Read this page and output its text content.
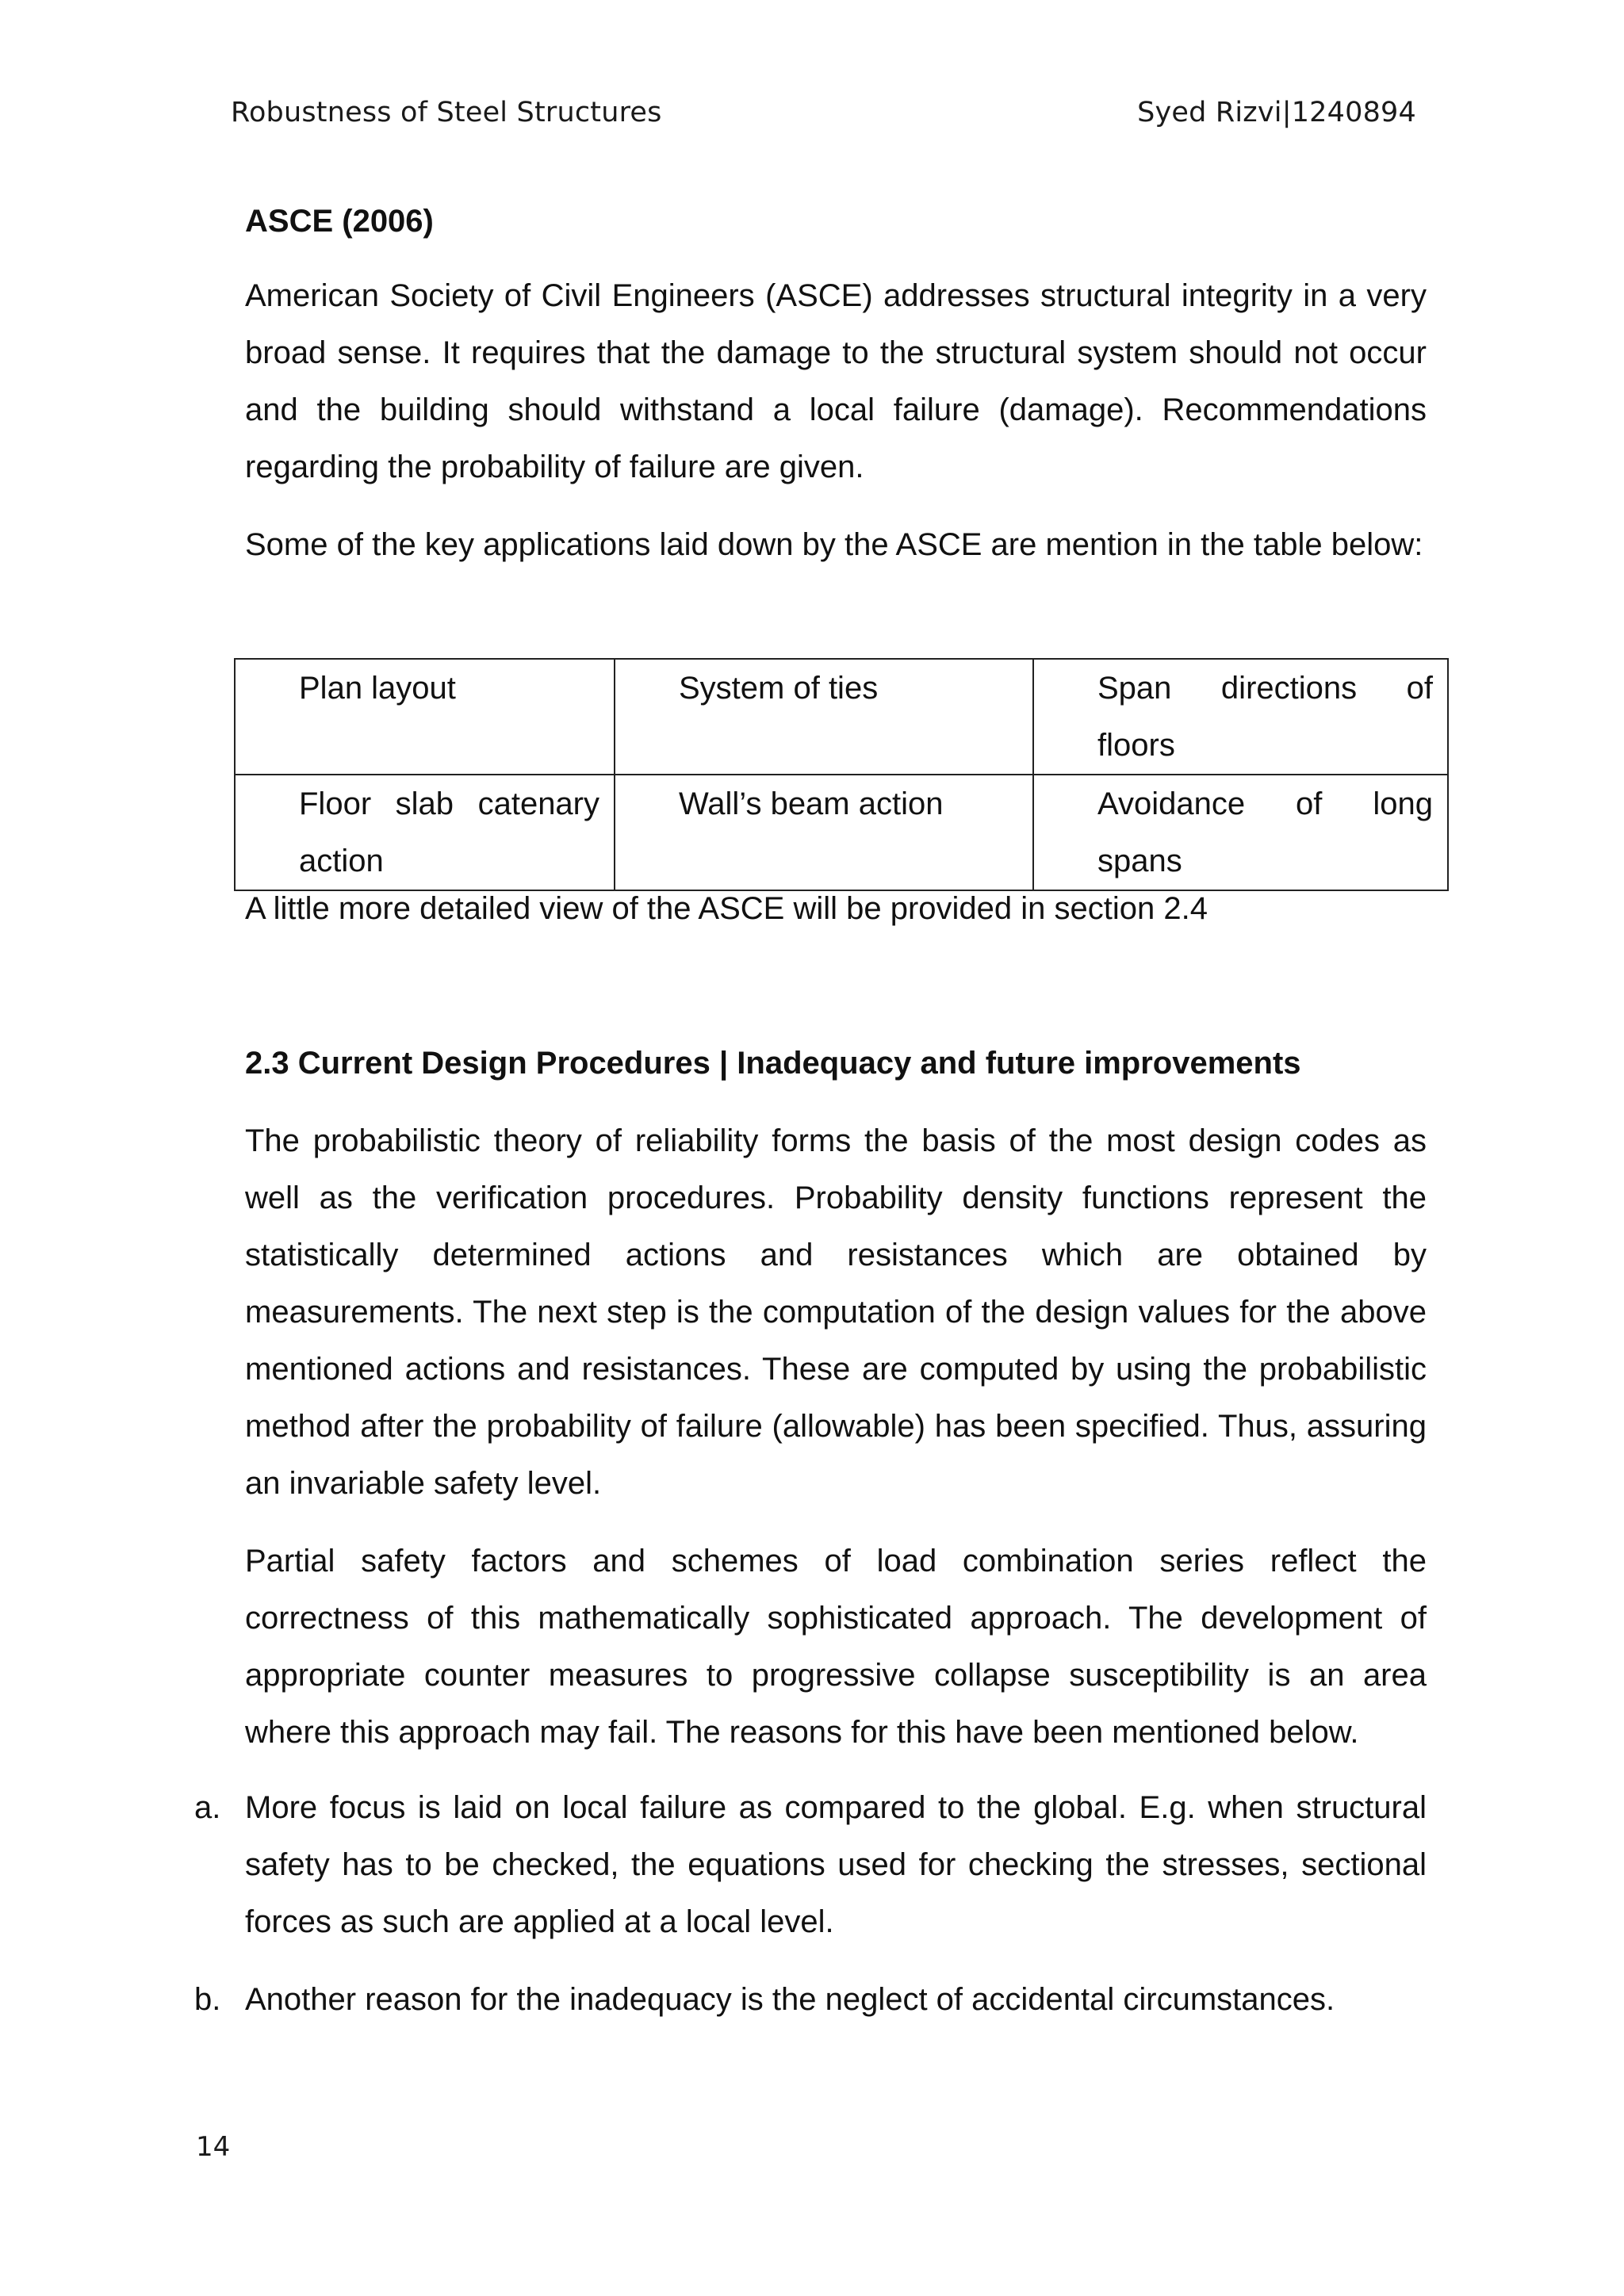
Robustness of Steel Structures	Syed Rizvi|1240894
ASCE (2006)

American Society of Civil Engineers (ASCE) addresses structural integrity in a very broad sense. It requires that the damage to the structural system should not occur and the building should withstand a local failure (damage). Recommendations regarding the probability of failure are given.

Some of the key applications laid down by the ASCE are mention in the table below:

Plan layout	System of ties	Span directions of floors

Floor slab catenary action	Wall’s beam action	Avoidance of long spans
A little more detailed view of the ASCE will be provided in section 2.4
2.3 Current Design Procedures | Inadequacy and future improvements

The probabilistic theory of reliability forms the basis of the most design codes as well as the verification procedures. Probability density functions represent the statistically determined actions and resistances which are obtained by measurements. The next step is the computation of the design values for the above mentioned actions and resistances. These are computed by using the probabilistic method after the probability of failure (allowable) has been specified. Thus, assuring an invariable safety level.

Partial safety factors and schemes of load combination series reflect the correctness of this mathematically sophisticated approach. The development of appropriate counter measures to progressive collapse susceptibility is an area where this approach may fail. The reasons for this have been mentioned below.

a. More focus is laid on local failure as compared to the global. E.g. when structural safety has to be checked, the equations used for checking the stresses, sectional forces as such are applied at a local level.
b. Another reason for the inadequacy is the neglect of accidental circumstances.
14
